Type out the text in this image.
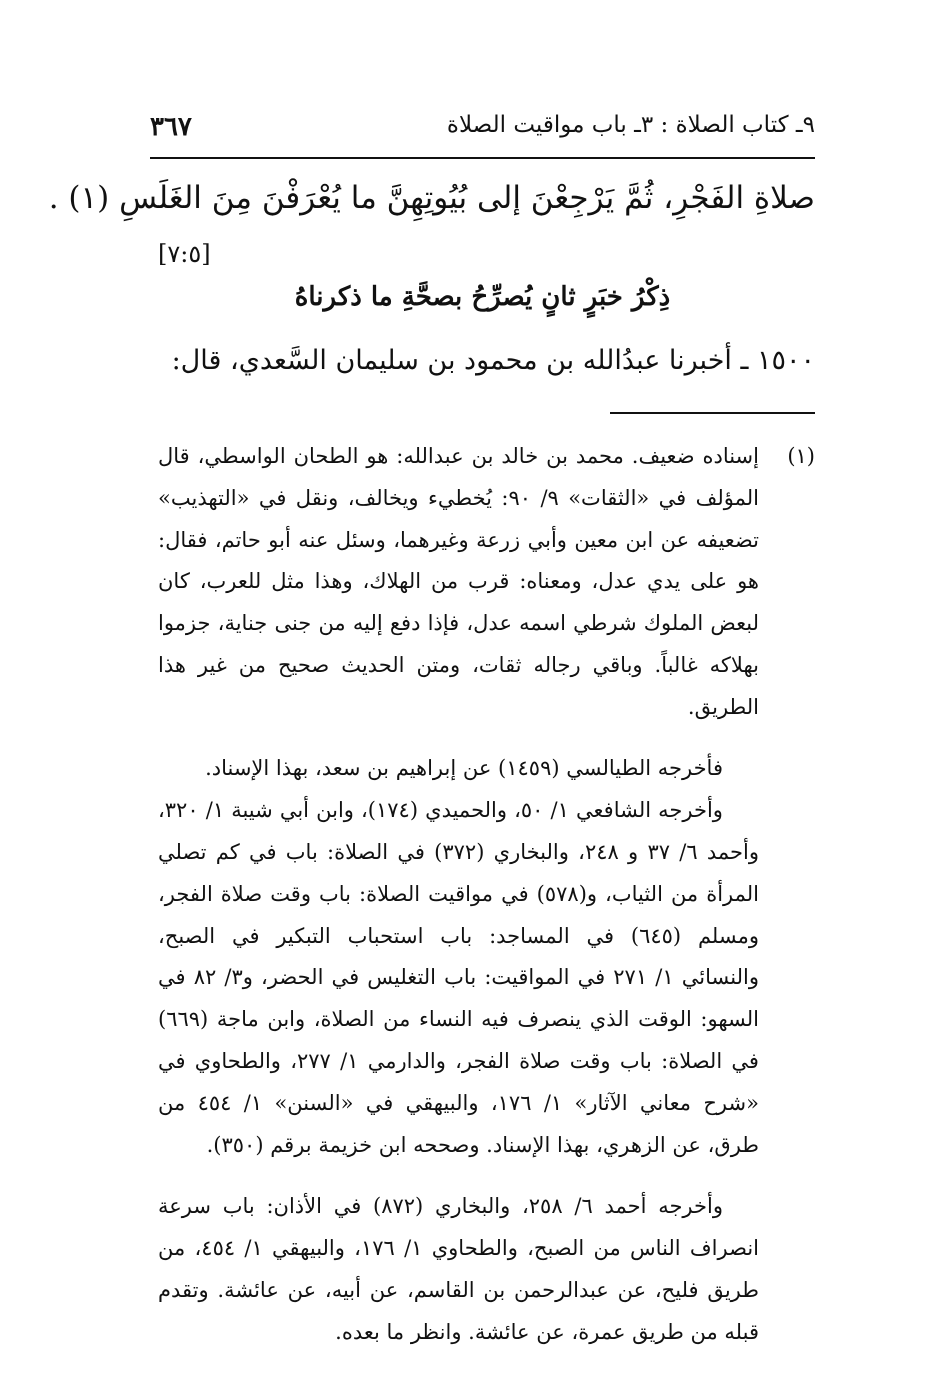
٩ـ كتاب الصلاة : ٣ـ باب مواقيت الصلاة
٣٦٧
صلاةِ الفَجْرِ، ثُمَّ يَرْجِعْنَ إلى بُيُوتِهِنَّ ما يُعْرَفْنَ مِنَ الغَلَسِ (١) .
[٧:٥]
ذِكْرُ خبَرٍ ثانٍ يُصرِّحُ بصحَّةِ ما ذكرناهُ
١٥٠٠ ـ أخبرنا عبدُالله بن محمود بن سليمان السَّعدي، قال:
(١)

إسناده ضعيف. محمد بن خالد بن عبدالله: هو الطحان الواسطي، قال المؤلف في «الثقات» ٩/ ٩٠: يُخطيء ويخالف، ونقل في «التهذيب» تضعيفه عن ابن معين وأبي زرعة وغيرهما، وسئل عنه أبو حاتم، فقال: هو على يدي عدل، ومعناه: قرب من الهلاك، وهذا مثل للعرب، كان لبعض الملوك شرطي اسمه عدل، فإذا دفع إليه من جنى جناية، جزموا بهلاكه غالباً. وباقي رجاله ثقات، ومتن الحديث صحيح من غير هذا الطريق.

فأخرجه الطيالسي (١٤٥٩) عن إبراهيم بن سعد، بهذا الإسناد.

وأخرجه الشافعي ١/ ٥٠، والحميدي (١٧٤)، وابن أبي شيبة ١/ ٣٢٠، وأحمد ٦/ ٣٧ و ٢٤٨، والبخاري (٣٧٢) في الصلاة: باب في كم تصلي المرأة من الثياب، و(٥٧٨) في مواقيت الصلاة: باب وقت صلاة الفجر، ومسلم (٦٤٥) في المساجد: باب استحباب التبكير في الصبح، والنسائي ١/ ٢٧١ في المواقيت: باب التغليس في الحضر، و٣/ ٨٢ في السهو: الوقت الذي ينصرف فيه النساء من الصلاة، وابن ماجة (٦٦٩) في الصلاة: باب وقت صلاة الفجر، والدارمي ١/ ٢٧٧، والطحاوي في «شرح معاني الآثار» ١/ ١٧٦، والبيهقي في «السنن» ١/ ٤٥٤ من طرق، عن الزهري، بهذا الإسناد. وصححه ابن خزيمة برقم (٣٥٠).

وأخرجه أحمد ٦/ ٢٥٨، والبخاري (٨٧٢) في الأذان: باب سرعة انصراف الناس من الصبح، والطحاوي ١/ ١٧٦، والبيهقي ١/ ٤٥٤، من طريق فليح، عن عبدالرحمن بن القاسم، عن أبيه، عن عائشة. وتقدم قبله من طريق عمرة، عن عائشة. وانظر ما بعده.
